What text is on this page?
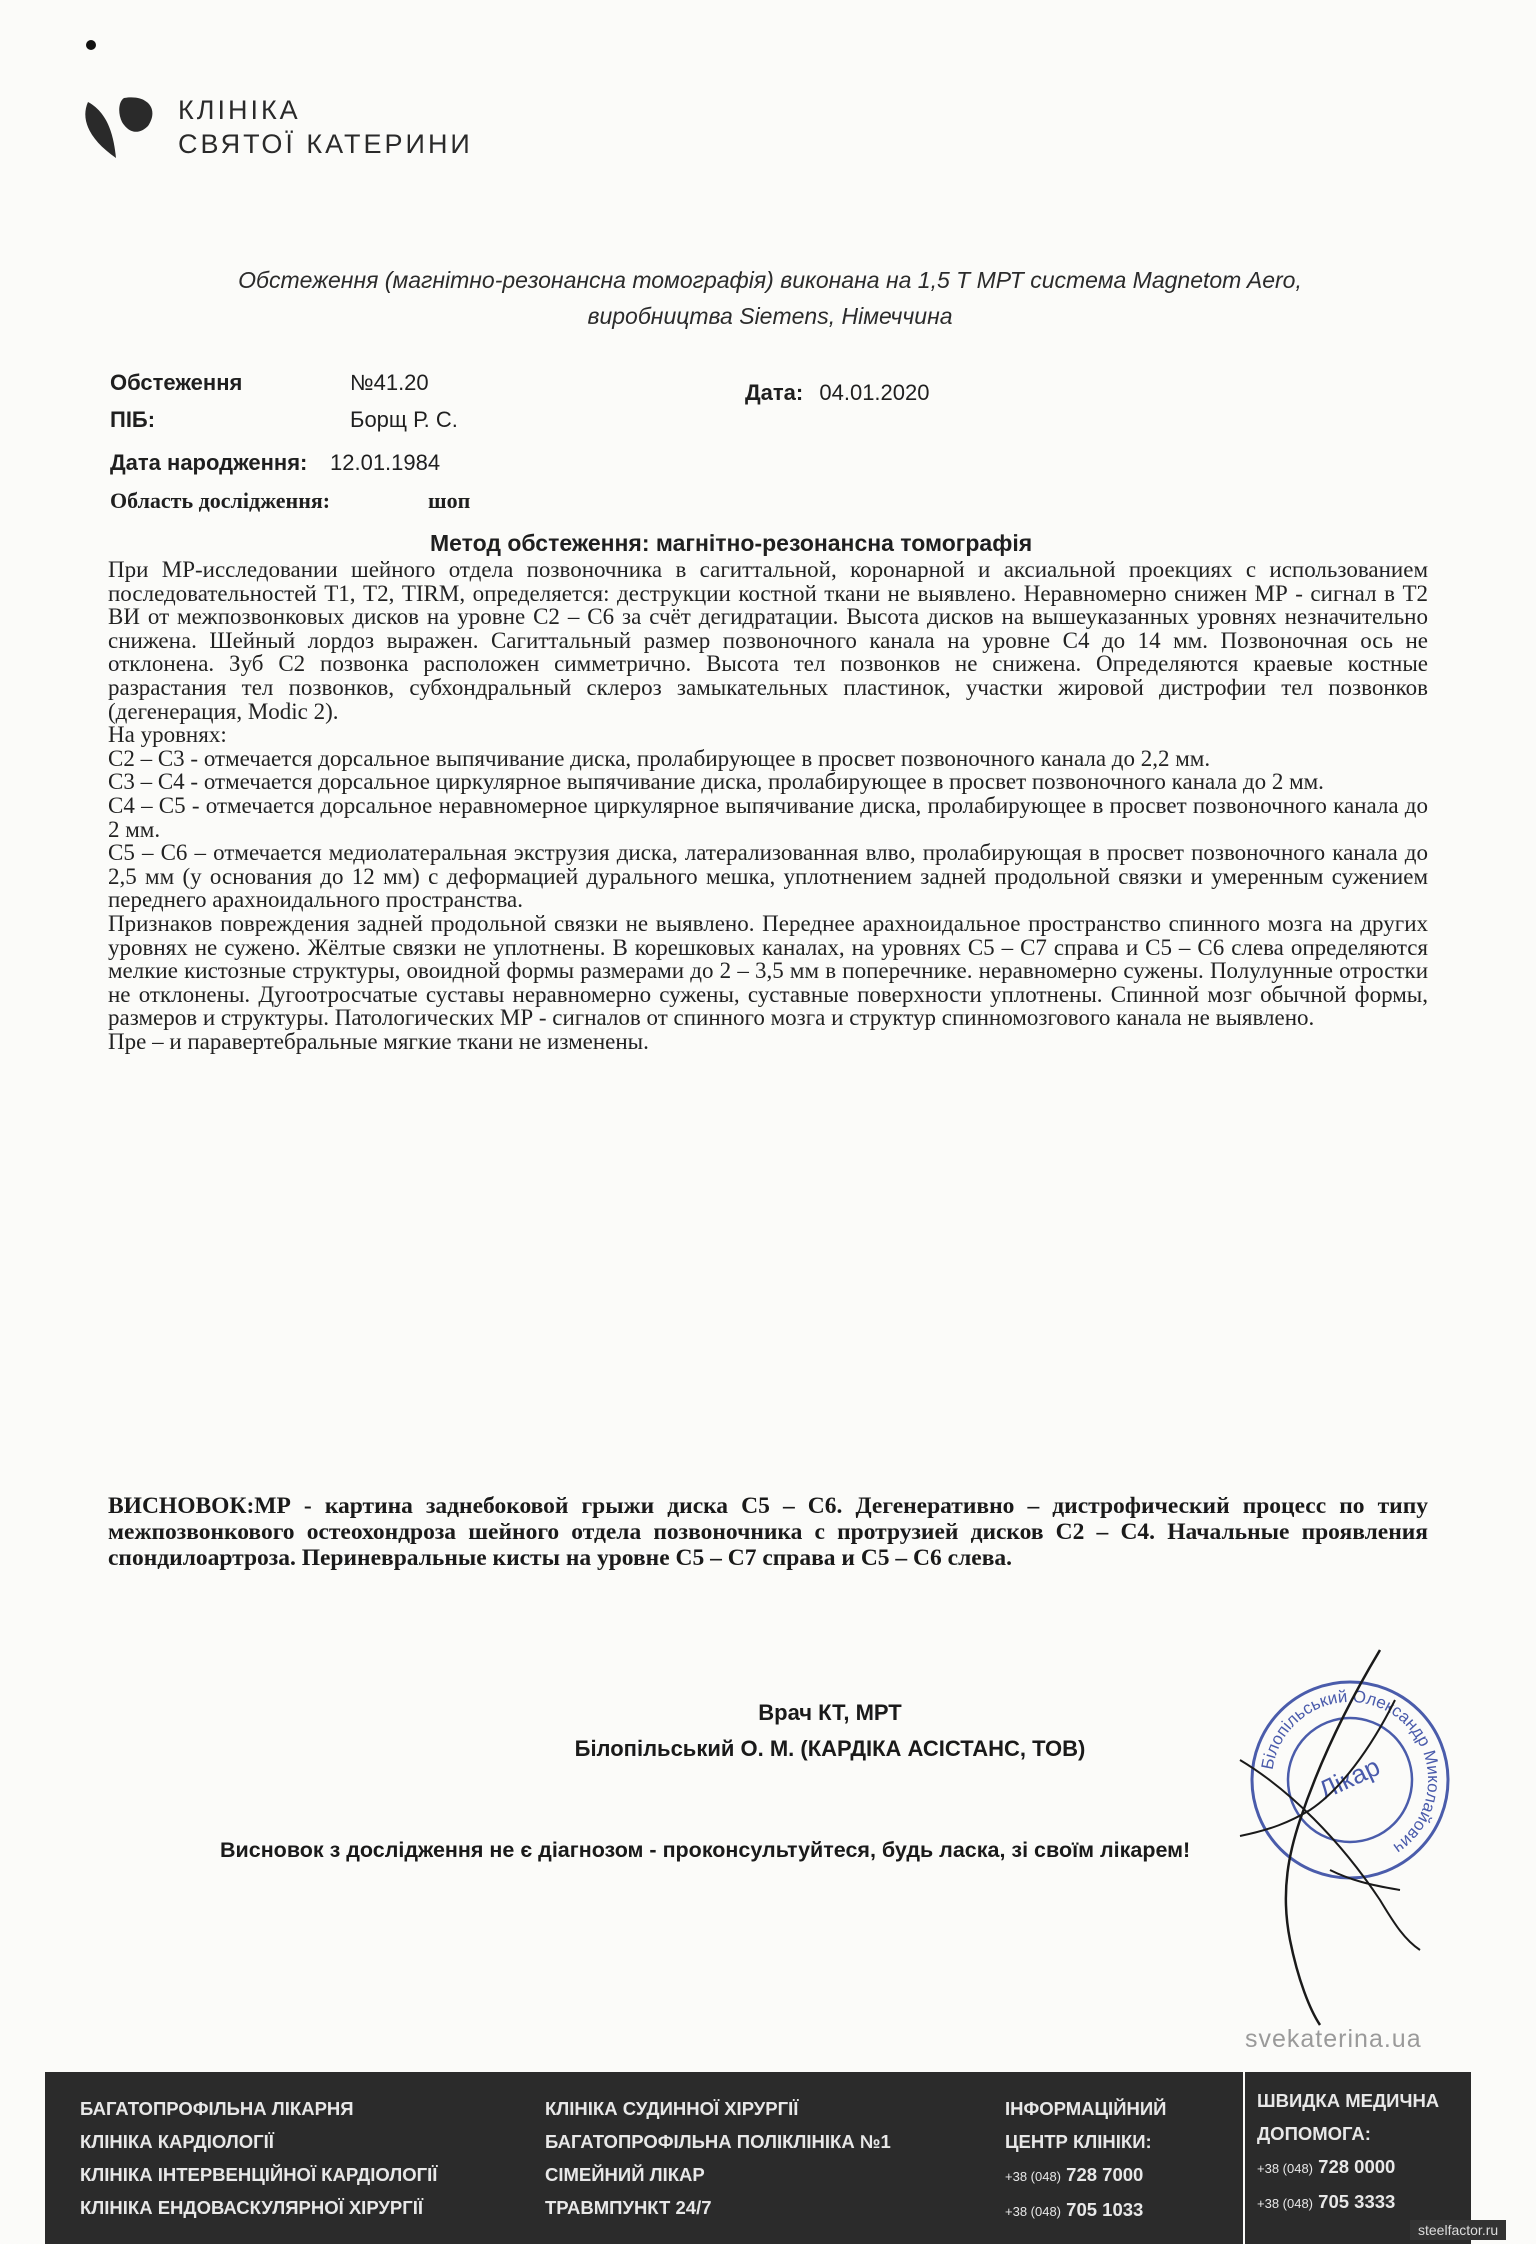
КЛІНІКА
СВЯТОЇ КАТЕРИНИ
Обстеження (магнітно-резонансна томографія) виконана на 1,5 Т МРТ система Magnetom Aero,
виробництва Siemens, Німеччина
Обстеження	№41.20	Дата: 04.01.2020
ПІБ:	Борщ Р. С.
Дата народження: 12.01.1984
Область дослідження:	шоп
Метод обстеження: магнітно-резонансна томографія

При МР-исследовании шейного отдела позвоночника в сагиттальной, коронарной и аксиальной проекциях с использованием последовательностей Т1, Т2, TIRM, определяется: деструкции костной ткани не выявлено. Неравномерно снижен МР - сигнал в Т2 ВИ от межпозвонковых дисков на уровне С2 – С6 за счёт дегидратации. Высота дисков на вышеуказанных уровнях незначительно снижена. Шейный лордоз выражен. Сагиттальный размер позвоночного канала на уровне С4 до 14 мм. Позвоночная ось не отклонена. Зуб С2 позвонка расположен симметрично. Высота тел позвонков не снижена. Определяются краевые костные разрастания тел позвонков, субхондральный склероз замыкательных пластинок, участки жировой дистрофии тел позвонков (дегенерация, Modic 2).

На уровнях:

С2 – С3 - отмечается дорсальное выпячивание диска, пролабирующее в просвет позвоночного канала до 2,2 мм.

С3 – С4 - отмечается дорсальное циркулярное выпячивание диска, пролабирующее в просвет позвоночного канала до 2 мм.

С4 – С5 - отмечается дорсальное неравномерное циркулярное выпячивание диска, пролабирующее в просвет позвоночного канала до 2 мм.

С5 – С6 – отмечается медиолатеральная экструзия диска, латерализованная влво, пролабирующая в просвет позвоночного канала до 2,5 мм (у основания до 12 мм) с деформацией дурального мешка, уплотнением задней продольной связки и умеренным сужением переднего арахноидального пространства.

Признаков повреждения задней продольной связки не выявлено. Переднее арахноидальное пространство спинного мозга на других уровнях не сужено. Жёлтые связки не уплотнены. В корешковых каналах, на уровнях С5 – С7 справа и С5 – С6 слева определяются мелкие кистозные структуры, овоидной формы размерами до 2 – 3,5 мм в поперечнике. неравномерно сужены. Полулунные отростки не отклонены. Дугоотросчатые суставы неравномерно сужены, суставные поверхности уплотнены. Спинной мозг обычной формы, размеров и структуры. Патологических МР - сигналов от спинного мозга и структур спинномозгового канала не выявлено.

Пре – и паравертебральные мягкие ткани не изменены.

ВИСНОВОК:МР - картина заднебоковой грыжи диска С5 – С6. Дегенеративно – дистрофический процесс по типу межпозвонкового остеохондроза шейного отдела позвоночника с протрузией дисков С2 – С4. Начальные проявления спондилоартроза. Периневральные кисты на уровне С5 – С7 справа и С5 – С6 слева.
Врач КТ, МРТ
Білопільський О. М. (КАРДІКА АСІСТАНС, ТОВ)
Висновок з дослідження не є діагнозом - проконсультуйтеся, будь ласка, зі своїм лікарем!
Білопільський Олександр Миколайович
Лікар
svekaterina.ua
БАГАТОПРОФІЛЬНА ЛІКАРНЯ
КЛІНІКА КАРДІОЛОГІЇ
КЛІНІКА ІНТЕРВЕНЦІЙНОЇ КАРДІОЛОГІЇ
КЛІНІКА ЕНДОВАСКУЛЯРНОЇ ХІРУРГІЇ
КЛІНІКА СУДИННОЇ ХІРУРГІЇ
БАГАТОПРОФІЛЬНА ПОЛІКЛІНІКА №1
СІМЕЙНИЙ ЛІКАР
ТРАВМПУНКТ 24/7
ІНФОРМАЦІЙНИЙ
ЦЕНТР КЛІНІКИ:
+38 (048) 728 7000
+38 (048) 705 1033
ШВИДКА МЕДИЧНА
ДОПОМОГА:
+38 (048) 728 0000
+38 (048) 705 3333
steelfactor.ru
